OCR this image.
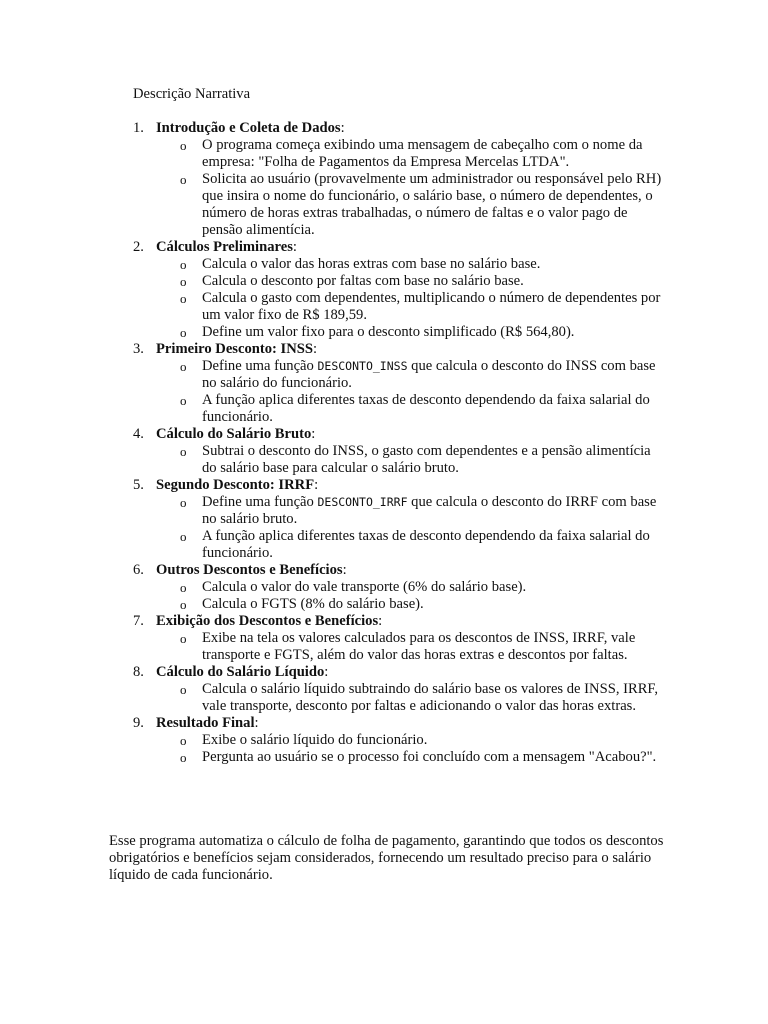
Descrição Narrativa
1. Introdução e Coleta de Dados:
o O programa começa exibindo uma mensagem de cabeçalho com o nome da empresa: "Folha de Pagamentos da Empresa Mercelas LTDA".
o Solicita ao usuário (provavelmente um administrador ou responsável pelo RH) que insira o nome do funcionário, o salário base, o número de dependentes, o número de horas extras trabalhadas, o número de faltas e o valor pago de pensão alimentícia.
2. Cálculos Preliminares:
o Calcula o valor das horas extras com base no salário base.
o Calcula o desconto por faltas com base no salário base.
o Calcula o gasto com dependentes, multiplicando o número de dependentes por um valor fixo de R$ 189,59.
o Define um valor fixo para o desconto simplificado (R$ 564,80).
3. Primeiro Desconto: INSS:
o Define uma função DESCONTO_INSS que calcula o desconto do INSS com base no salário do funcionário.
o A função aplica diferentes taxas de desconto dependendo da faixa salarial do funcionário.
4. Cálculo do Salário Bruto:
o Subtrai o desconto do INSS, o gasto com dependentes e a pensão alimentícia do salário base para calcular o salário bruto.
5. Segundo Desconto: IRRF:
o Define uma função DESCONTO_IRRF que calcula o desconto do IRRF com base no salário bruto.
o A função aplica diferentes taxas de desconto dependendo da faixa salarial do funcionário.
6. Outros Descontos e Benefícios:
o Calcula o valor do vale transporte (6% do salário base).
o Calcula o FGTS (8% do salário base).
7. Exibição dos Descontos e Benefícios:
o Exibe na tela os valores calculados para os descontos de INSS, IRRF, vale transporte e FGTS, além do valor das horas extras e descontos por faltas.
8. Cálculo do Salário Líquido:
o Calcula o salário líquido subtraindo do salário base os valores de INSS, IRRF, vale transporte, desconto por faltas e adicionando o valor das horas extras.
9. Resultado Final:
o Exibe o salário líquido do funcionário.
o Pergunta ao usuário se o processo foi concluído com a mensagem "Acabou?".

Esse programa automatiza o cálculo de folha de pagamento, garantindo que todos os descontos obrigatórios e benefícios sejam considerados, fornecendo um resultado preciso para o salário líquido de cada funcionário.
